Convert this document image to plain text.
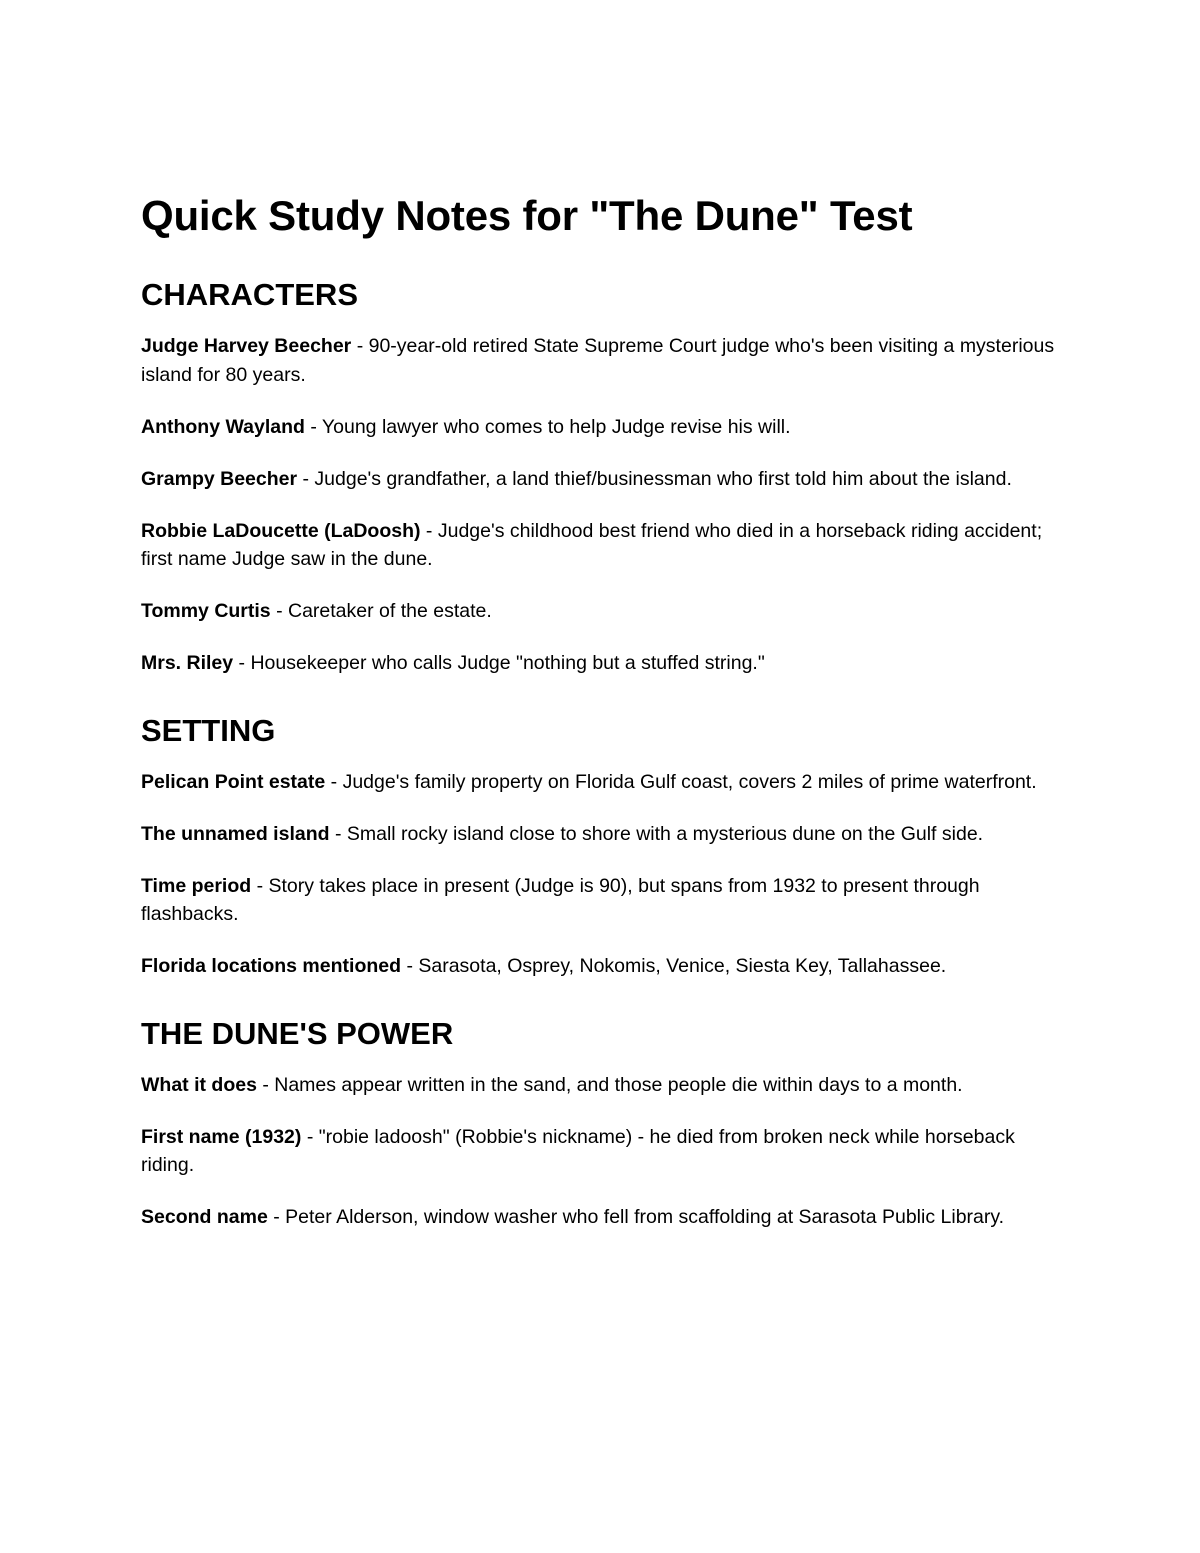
Quick Study Notes for "The Dune" Test
CHARACTERS

Judge Harvey Beecher - 90-year-old retired State Supreme Court judge who's been visiting a mysterious island for 80 years.

Anthony Wayland - Young lawyer who comes to help Judge revise his will.

Grampy Beecher - Judge's grandfather, a land thief/businessman who first told him about the island.

Robbie LaDoucette (LaDoosh) - Judge's childhood best friend who died in a horseback riding accident; first name Judge saw in the dune.

Tommy Curtis - Caretaker of the estate.

Mrs. Riley - Housekeeper who calls Judge "nothing but a stuffed string."

SETTING

Pelican Point estate - Judge's family property on Florida Gulf coast, covers 2 miles of prime waterfront.

The unnamed island - Small rocky island close to shore with a mysterious dune on the Gulf side.

Time period - Story takes place in present (Judge is 90), but spans from 1932 to present through flashbacks.

Florida locations mentioned - Sarasota, Osprey, Nokomis, Venice, Siesta Key, Tallahassee.

THE DUNE'S POWER

What it does - Names appear written in the sand, and those people die within days to a month.

First name (1932) - "robie ladoosh" (Robbie's nickname) - he died from broken neck while horseback riding.

Second name - Peter Alderson, window washer who fell from scaffolding at Sarasota Public Library.
